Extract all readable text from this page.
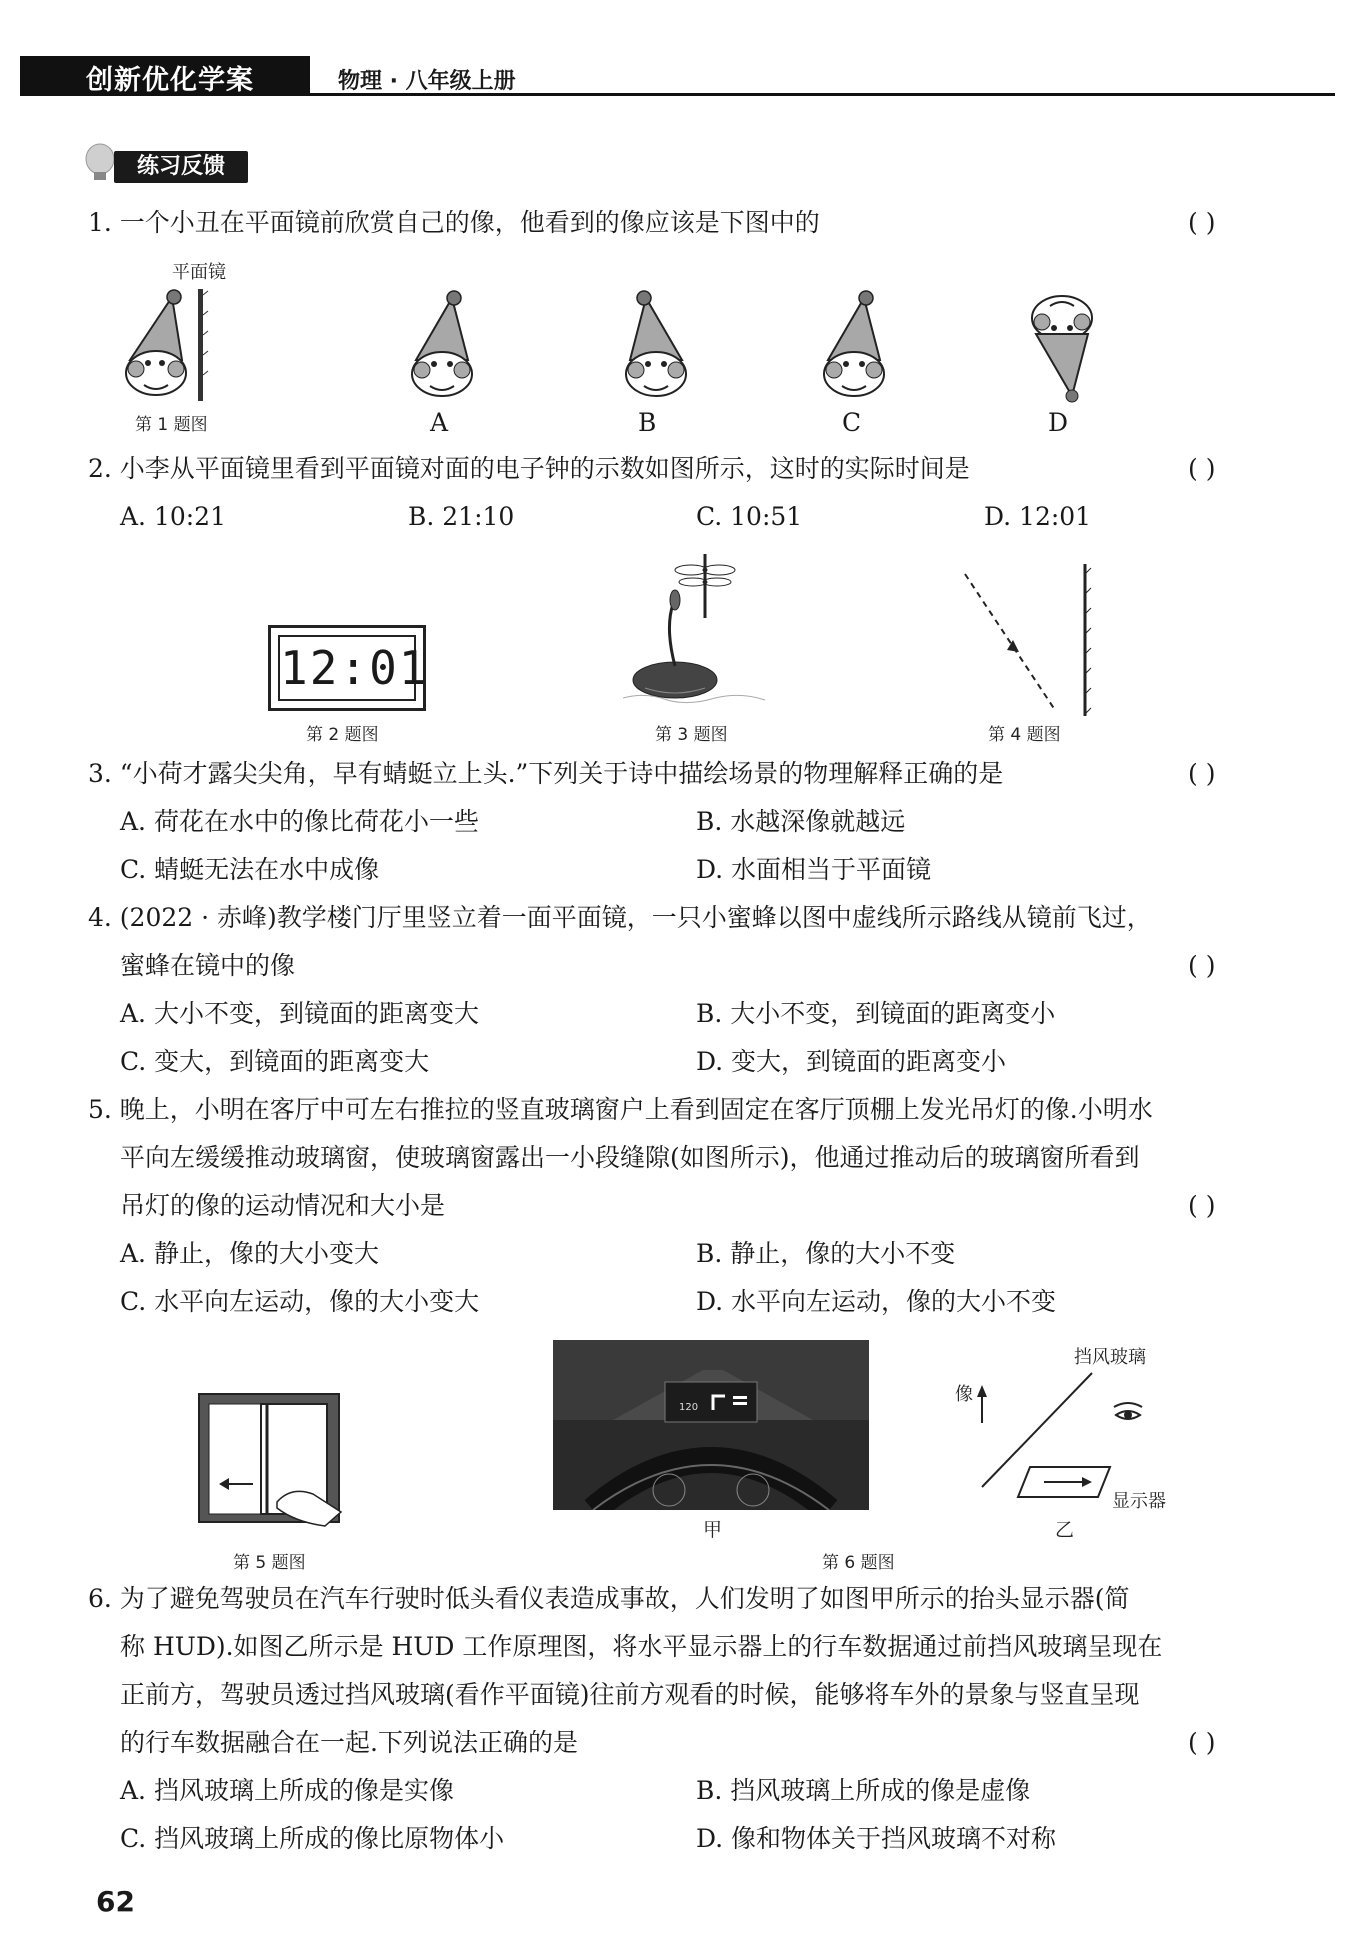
创新优化学案	物理 · 八年级上册
练习反馈
1. 一个小丑在平面镜前欣赏自己的像，他看到的像应该是下图中的	( )
平面镜
第 1 题图	A	B	C	D
2. 小李从平面镜里看到平面镜对面的电子钟的示数如图所示，这时的实际时间是	( )
A. 10:21	B. 21:10	C. 10:51	D. 12:01
12:01
第 2 题图	第 3 题图	第 4 题图
3. “小荷才露尖尖角，早有蜻蜓立上头.”下列关于诗中描绘场景的物理解释正确的是	( )
A. 荷花在水中的像比荷花小一些	B. 水越深像就越远
C. 蜻蜓无法在水中成像	D. 水面相当于平面镜
4. (2022 · 赤峰)教学楼门厅里竖立着一面平面镜，一只小蜜蜂以图中虚线所示路线从镜前飞过，
蜜蜂在镜中的像	( )
A. 大小不变，到镜面的距离变大	B. 大小不变，到镜面的距离变小
C. 变大，到镜面的距离变大	D. 变大，到镜面的距离变小
5. 晚上，小明在客厅中可左右推拉的竖直玻璃窗户上看到固定在客厅顶棚上发光吊灯的像.小明水
平向左缓缓推动玻璃窗，使玻璃窗露出一小段缝隙(如图所示)，他通过推动后的玻璃窗所看到
吊灯的像的运动情况和大小是	( )
A. 静止，像的大小变大	B. 静止，像的大小不变
C. 水平向左运动，像的大小变大	D. 水平向左运动，像的大小不变
第 5 题图
120
甲
挡风玻璃
像
显示器
乙
第 6 题图
6. 为了避免驾驶员在汽车行驶时低头看仪表造成事故，人们发明了如图甲所示的抬头显示器(简
称 HUD).如图乙所示是 HUD 工作原理图，将水平显示器上的行车数据通过前挡风玻璃呈现在
正前方，驾驶员透过挡风玻璃(看作平面镜)往前方观看的时候，能够将车外的景象与竖直呈现
的行车数据融合在一起.下列说法正确的是	( )
A. 挡风玻璃上所成的像是实像	B. 挡风玻璃上所成的像是虚像
C. 挡风玻璃上所成的像比原物体小	D. 像和物体关于挡风玻璃不对称
62
